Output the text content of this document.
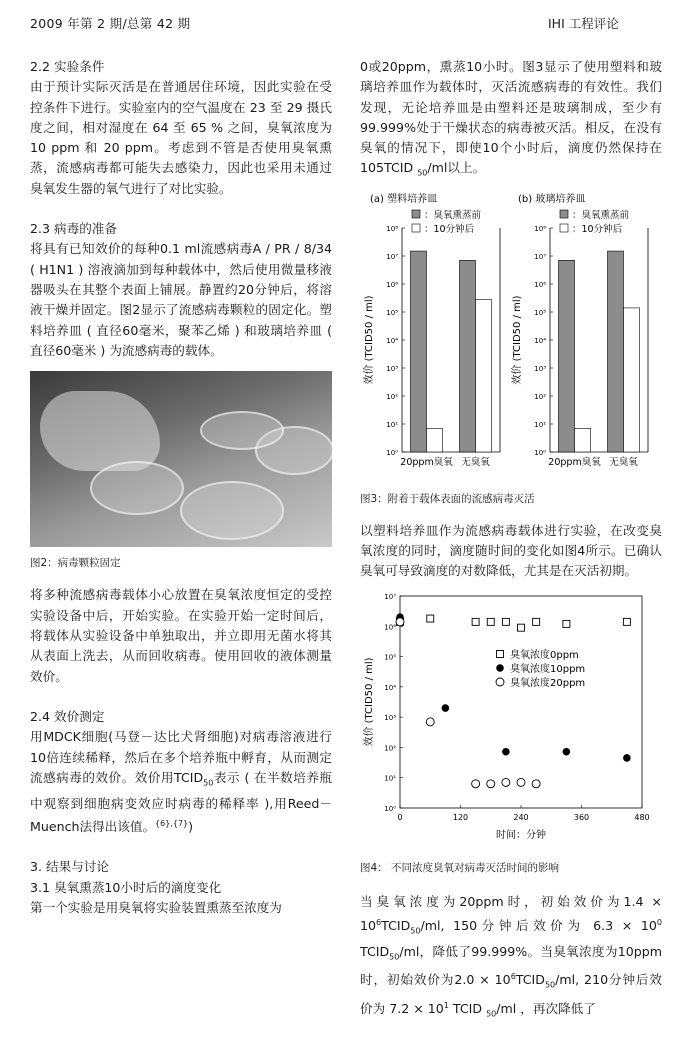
2009 年第 2 期/总第 42 期	IHI 工程评论

2.2 实验条件

由于预计实际灭活是在普通居住环境，因此实验在受控条件下进行。实验室内的空气温度在 23 至 29 摄氏度之间，相对湿度在 64 至 65 % 之间，臭氧浓度为 10 ppm 和 20 ppm。考虑到不管是否使用臭氧熏蒸，流感病毒都可能失去感染力，因此也采用未通过臭氧发生器的氧气进行了对比实验。

2.3 病毒的准备

将具有已知效价的每种0.1 ml流感病毒A / PR / 8/34 ( H1N1 ) 溶液滴加到每种载体中，然后使用微量移液器吸头在其整个表面上铺展。静置约20分钟后，将溶液干燥并固定。图2显示了流感病毒颗粒的固定化。塑料培养皿 ( 直径60毫米，聚苯乙烯 ) 和玻璃培养皿 ( 直径60毫米 ) 为流感病毒的载体。

图2：病毒颗粒固定

将多种流感病毒载体小心放置在臭氧浓度恒定的受控实验设备中后，开始实验。在实验开始一定时间后，将载体从实验设备中单独取出，并立即用无菌水将其从表面上洗去，从而回收病毒。使用回收的液体测量效价。

2.4 效价测定

用MDCK细胞(马登－达比犬肾细胞)对病毒溶液进行10倍连续稀释，然后在多个培养瓶中孵育，从而测定流感病毒的效价。效价用$TCID_{50}$表示 ( 在半数培养瓶中观察到细胞病变效应时病毒的稀释率 ),用Reed－Muench法得出该值。$^{\{6\},\{7\}}$)

3. 结果与讨论

3.1 臭氧熏蒸10小时后的滴度变化

第一个实验是用臭氧将实验装置熏蒸至浓度为

0或20ppm，熏蒸10小时。图3显示了使用塑料和玻璃培养皿作为载体时，灭活流感病毒的有效性。我们发现，无论培养皿是由塑料还是玻璃制成，至少有99.999%处于干燥状态的病毒被灭活。相反，在没有臭氧的情况下，即使10个小时后，滴度仍然保持在105TCID $_{50}$/ml以上。

(a) 塑料培养皿
：臭氧熏蒸前
：10分钟后
10⁰
10¹
10²
10³
10⁴
10⁵
10⁶
10⁷
10⁸
效价 (TCID50 / ml)
20ppm臭氧 无臭氧
(b) 玻璃培养皿
：臭氧熏蒸前
：10分钟后
10⁰
10¹
10²
10³
10⁴
10⁵
10⁶
10⁷
10⁸
效价 (TCID50 / ml)
20ppm臭氧 无臭氧
图3：附着于载体表面的流感病毒灭活

以塑料培养皿作为流感病毒载体进行实验，在改变臭氧浓度的同时，滴度随时间的变化如图4所示。已确认臭氧可导致滴度的对数降低，尤其是在灭活初期。

10⁰
10¹
10²
10³
10⁴
10⁵
10⁶
10⁷
0	120	240	360	480
时间：分钟
效价 (TCID50 / ml)
臭氧浓度0ppm
臭氧浓度10ppm
臭氧浓度20ppm
图4： 不同浓度臭氧对病毒灭活时间的影响

当臭氧浓度为20ppm时，初始效价为$1.4 \times 10^6TCID_{50}/ml$, 150分钟后效价为 $6.3 \times 10^0$ $TCID_{50}/ml$，降低了99.999%。当臭氧浓度为10ppm时，初始效价为$2.0 \times 10^6TCID_{50}/ml$, 210分钟后效价为 $7.2 \times 10^1$ TCID $_{50}$/ml ，再次降低了
